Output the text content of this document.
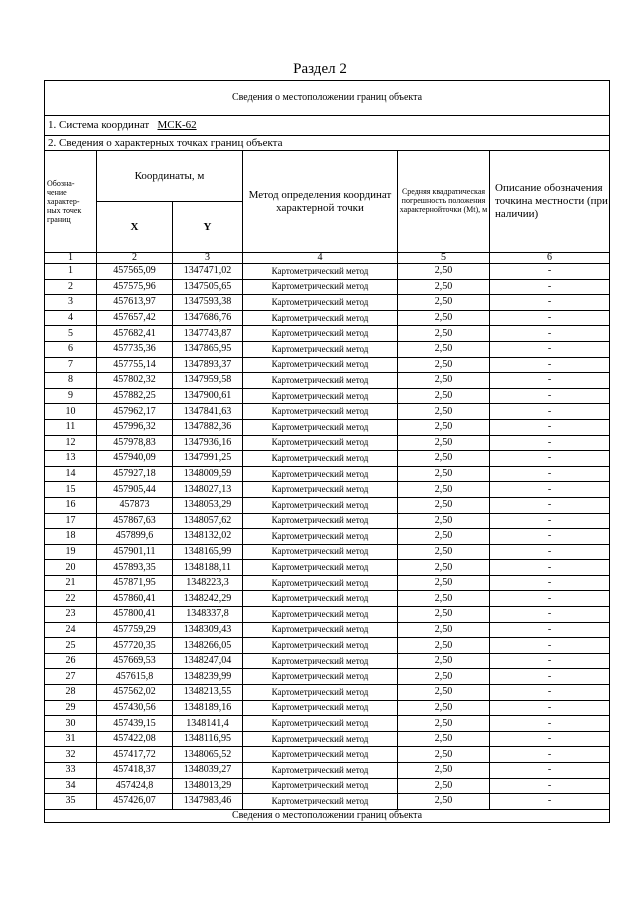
Раздел 2
Сведения о местоположении границ объекта					
1. Система координат МСК-62					
2. Сведения о характерных точках границ объекта					
Обозна-
чение
характер-
ных точек
границ	Координаты, м		Метод определения координат характерной точки	Средняя квадратическая погрешность положения характернойточки (Mt), м	Описание обозначения точкина местности (при наличии)
	X	Y			
1	2	3	4	5	6
1	457565,09	1347471,02	Картометрический метод	2,50	-
2	457575,96	1347505,65	Картометрический метод	2,50	-
3	457613,97	1347593,38	Картометрический метод	2,50	-
4	457657,42	1347686,76	Картометрический метод	2,50	-
5	457682,41	1347743,87	Картометрический метод	2,50	-
6	457735,36	1347865,95	Картометрический метод	2,50	-
7	457755,14	1347893,37	Картометрический метод	2,50	-
8	457802,32	1347959,58	Картометрический метод	2,50	-
9	457882,25	1347900,61	Картометрический метод	2,50	-
10	457962,17	1347841,63	Картометрический метод	2,50	-
11	457996,32	1347882,36	Картометрический метод	2,50	-
12	457978,83	1347936,16	Картометрический метод	2,50	-
13	457940,09	1347991,25	Картометрический метод	2,50	-
14	457927,18	1348009,59	Картометрический метод	2,50	-
15	457905,44	1348027,13	Картометрический метод	2,50	-
16	457873	1348053,29	Картометрический метод	2,50	-
17	457867,63	1348057,62	Картометрический метод	2,50	-
18	457899,6	1348132,02	Картометрический метод	2,50	-
19	457901,11	1348165,99	Картометрический метод	2,50	-
20	457893,35	1348188,11	Картометрический метод	2,50	-
21	457871,95	1348223,3	Картометрический метод	2,50	-
22	457860,41	1348242,29	Картометрический метод	2,50	-
23	457800,41	1348337,8	Картометрический метод	2,50	-
24	457759,29	1348309,43	Картометрический метод	2,50	-
25	457720,35	1348266,05	Картометрический метод	2,50	-
26	457669,53	1348247,04	Картометрический метод	2,50	-
27	457615,8	1348239,99	Картометрический метод	2,50	-
28	457562,02	1348213,55	Картометрический метод	2,50	-
29	457430,56	1348189,16	Картометрический метод	2,50	-
30	457439,15	1348141,4	Картометрический метод	2,50	-
31	457422,08	1348116,95	Картометрический метод	2,50	-
32	457417,72	1348065,52	Картометрический метод	2,50	-
33	457418,37	1348039,27	Картометрический метод	2,50	-
34	457424,8	1348013,29	Картометрический метод	2,50	-
35	457426,07	1347983,46	Картометрический метод	2,50	-
Сведения о местоположении границ объекта					
